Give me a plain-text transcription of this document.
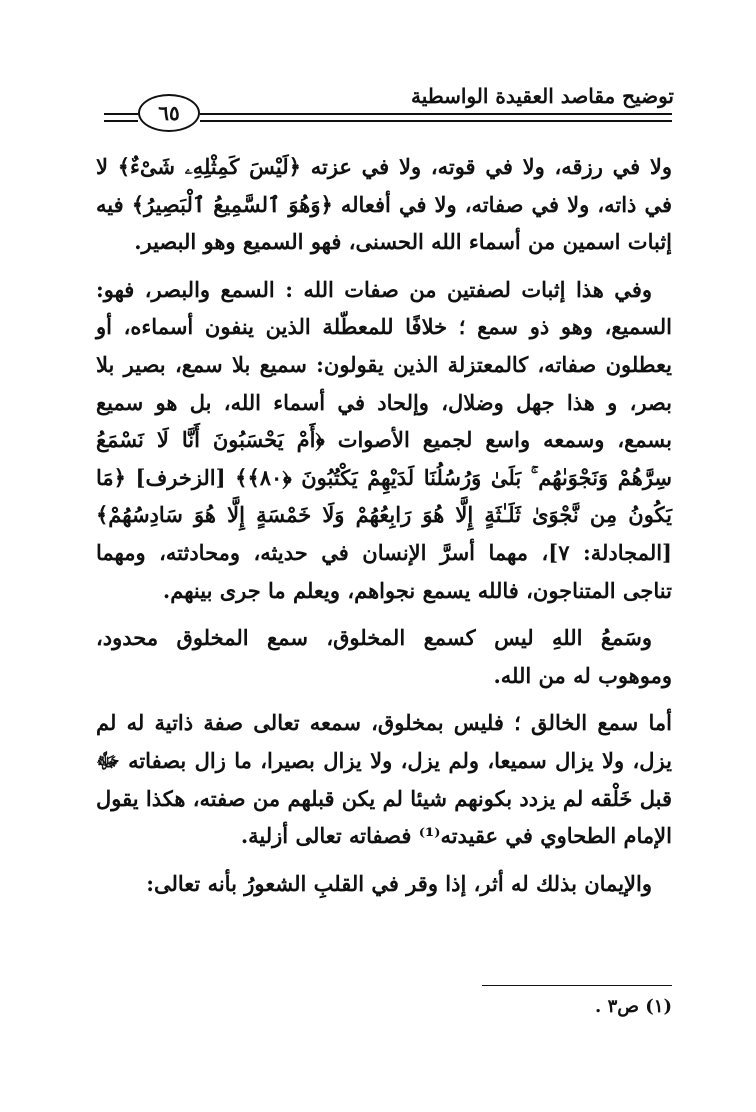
توضيح مقاصد العقيدة الواسطية
٦٥

ولا في رزقه، ولا في قوته، ولا في عزته ﴿لَيْسَ كَمِثْلِهِۦ شَىْءٌ﴾ لا في ذاته، ولا في صفاته، ولا في أفعاله ﴿وَهُوَ ٱلسَّمِيعُ ٱلْبَصِيرُ﴾ فيه إثبات اسمين من أسماء الله الحسنى، فهو السميع وهو البصير.

وفي هذا إثبات لصفتين من صفات الله : السمع والبصر، فهو: السميع، وهو ذو سمع ؛ خلافًا للمعطّلة الذين ينفون أسماءه، أو يعطلون صفاته، كالمعتزلة الذين يقولون: سميع بلا سمع، بصير بلا بصر، و هذا جهل وضلال، وإلحاد في أسماء الله، بل هو سميع بسمع، وسمعه واسع لجميع الأصوات ﴿أَمْ يَحْسَبُونَ أَنَّا لَا نَسْمَعُ سِرَّهُمْ وَنَجْوَىٰهُم ۚ بَلَىٰ وَرُسُلُنَا لَدَيْهِمْ يَكْتُبُونَ ﴿٨٠﴾﴾ [الزخرف] ﴿مَا يَكُونُ مِن نَّجْوَىٰ ثَلَـٰثَةٍ إِلَّا هُوَ رَابِعُهُمْ وَلَا خَمْسَةٍ إِلَّا هُوَ سَادِسُهُمْ﴾ [المجادلة: ٧]، مهما أسرَّ الإنسان في حديثه، ومحادثته، ومهما تناجى المتناجون، فالله يسمع نجواهم، ويعلم ما جرى بينهم.

وسَمعُ اللهِ ليس كسمع المخلوق، سمع المخلوق محدود، وموهوب له من الله.

أما سمع الخالق ؛ فليس بمخلوق، سمعه تعالى صفة ذاتية له لم يزل، ولا يزال سميعا، ولم يزل، ولا يزال بصيرا، ما زال بصفاته ﷻ قبل خَلْقه لم يزدد بكونهم شيئا لم يكن قبلهم من صفته، هكذا يقول الإمام الطحاوي في عقيدته⁽¹⁾ فصفاته تعالى أزلية.

والإيمان بذلك له أثر، إذا وقر في القلبِ الشعورُ بأنه تعالى:

(١) ص٣ .
